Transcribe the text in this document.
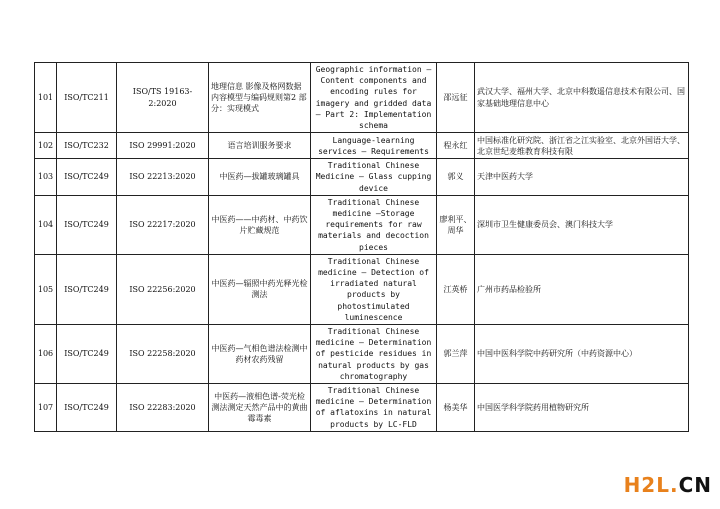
101	ISO/TC211	ISO/TS 19163-2:2020	地理信息 影像及格网数据内容模型与编码规则第2 部分：实现模式	Geographic information — Content components and encoding rules for imagery and gridded data — Part 2: Implementation schema	邵远征	武汉大学、福州大学、北京中科数遥信息技术有限公司、国家基础地理信息中心
102	ISO/TC232	ISO 29991:2020	语言培训服务要求	Language-learning services — Requirements	程永红	中国标准化研究院、浙江省之江实验室、北京外国语大学、北京世纪麦维教育科技有限
103	ISO/TC249	ISO 22213:2020	中医药—拔罐玻璃罐具	Traditional Chinese Medicine — Glass cupping device	郭义	天津中医药大学
104	ISO/TC249	ISO 22217:2020	中医药——中药材、中药饮片贮藏规范	Traditional Chinese medicine —Storage requirements for raw materials and decoction pieces	廖利平、周华	深圳市卫生健康委员会、澳门科技大学
105	ISO/TC249	ISO 22256:2020	中医药—辐照中药光释光检测法	Traditional Chinese medicine — Detection of irradiated natural products by photostimulated luminescence	江英桥	广州市药品检验所
106	ISO/TC249	ISO 22258:2020	中医药—气相色谱法检测中药材农药残留	Traditional Chinese medicine — Determination of pesticide residues in natural products by gas chromatography	郭兰萍	中国中医科学院中药研究所（中药资源中心）
107	ISO/TC249	ISO 22283:2020	中医药—液相色谱-荧光检测法测定天然产品中的黄曲霉毒素	Traditional Chinese medicine — Determination of aflatoxins in natural products by LC-FLD	杨美华	中国医学科学院药用植物研究所
H2L.CN
